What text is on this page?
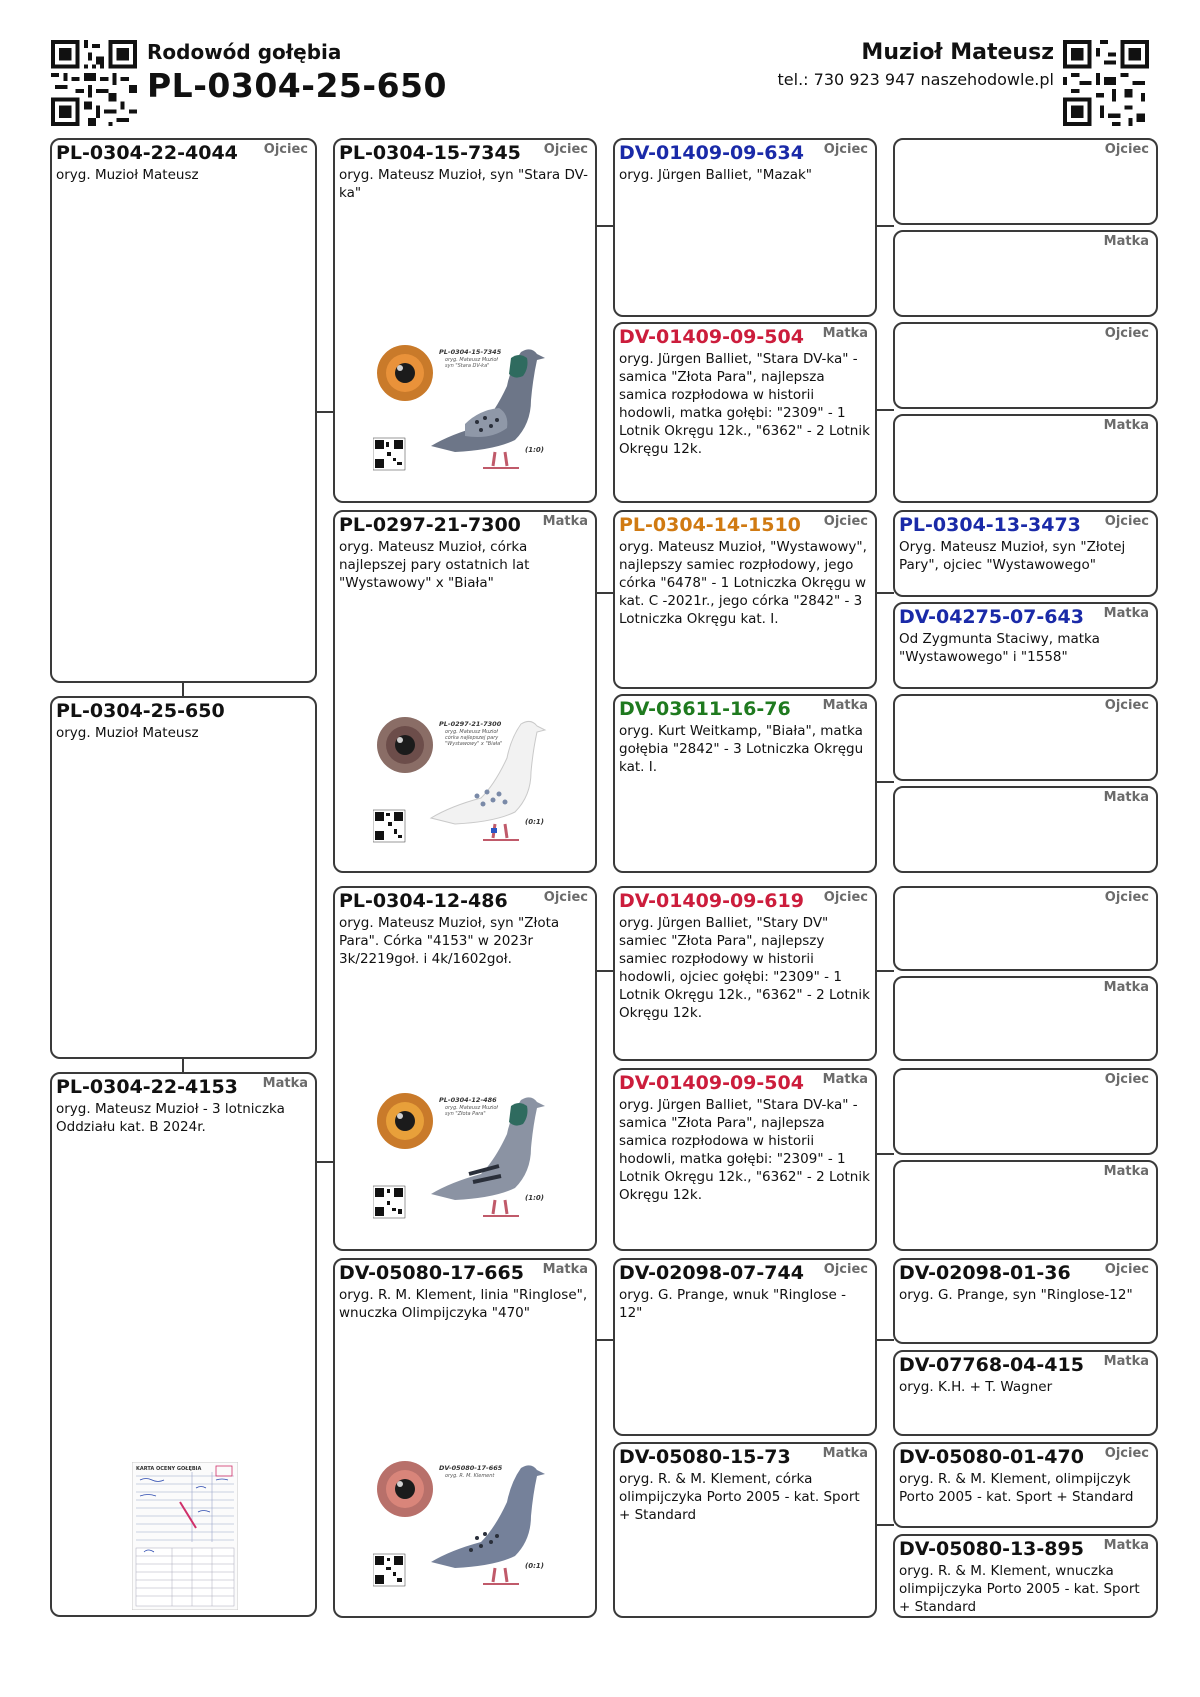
Rodowód gołębia
PL-0304-25-650
Muzioł Mateusz
tel.: 730 923 947 naszehodowle.pl
PL-0304-22-4044 Ojciec
oryg. Muzioł Mateusz
PL-0304-25-650
oryg. Muzioł Mateusz
PL-0304-22-4153 Matka
oryg. Mateusz Muzioł - 3 lotniczka Oddziału kat. B 2024r.
KARTA OCENY GOŁĘBIA
PL-0304-15-7345 Ojciec
oryg. Mateusz Muzioł, syn "Stara DV-ka"
PL-0304-15-7345
oryg. Mateusz Muzioł
syn "Stara DV-ka"
(1:0)
PL-0297-21-7300 Matka
oryg. Mateusz Muzioł, córka najlepszej pary ostatnich lat "Wystawowy" x "Biała"
PL-0297-21-7300
oryg. Mateusz Muzioł
córka najlepszej pary
"Wystawowy" x "Biała"
(0:1)
PL-0304-12-486	Ojciec
oryg. Mateusz Muzioł, syn "Złota Para". Córka "4153" w 2023r 3k/2219goł. i 4k/1602goł.
PL-0304-12-486
oryg. Mateusz Muzioł
syn "Złota Para"
(1:0)
DV-05080-17-665 Matka
oryg. R. M. Klement, linia "Ringlose", wnuczka Olimpijczyka "470"
DV-05080-17-665
oryg. R. M. Klement
(0:1)
DV-01409-09-634 Ojciec
oryg. Jürgen Balliet, "Mazak"
DV-01409-09-504 Matka
oryg. Jürgen Balliet, "Stara DV-ka" - samica "Złota Para", najlepsza samica rozpłodowa w historii hodowli, matka gołębi: "2309" - 1 Lotnik Okręgu 12k., "6362" - 2 Lotnik Okręgu 12k.
PL-0304-14-1510 Ojciec
oryg. Mateusz Muzioł, "Wystawowy", najlepszy samiec rozpłodowy, jego córka "6478" - 1 Lotniczka Okręgu w kat. C -2021r., jego córka "2842" - 3 Lotniczka Okręgu kat. I.
DV-03611-16-76 Matka
oryg. Kurt Weitkamp, "Biała", matka gołębia "2842" - 3 Lotniczka Okręgu kat. I.
DV-01409-09-619 Ojciec
oryg. Jürgen Balliet, "Stary DV" samiec "Złota Para", najlepszy samiec rozpłodowy w historii hodowli, ojciec gołębi: "2309" - 1 Lotnik Okręgu 12k., "6362" - 2 Lotnik Okręgu 12k.
DV-01409-09-504 Matka
oryg. Jürgen Balliet, "Stara DV-ka" - samica "Złota Para", najlepsza samica rozpłodowa w historii hodowli, matka gołębi: "2309" - 1 Lotnik Okręgu 12k., "6362" - 2 Lotnik Okręgu 12k.
DV-02098-07-744 Ojciec
oryg. G. Prange, wnuk "Ringlose - 12"
DV-05080-15-73 Matka
oryg. R. & M. Klement, córka olimpijczyka Porto 2005 - kat. Sport + Standard
Ojciec
Matka
Ojciec
Matka
PL-0304-13-3473 Ojciec
Oryg. Mateusz Muzioł, syn "Złotej Pary", ojciec "Wystawowego"
DV-04275-07-643 Matka
Od Zygmunta Staciwy, matka "Wystawowego" i "1558"
Ojciec
Matka
Ojciec
Matka
Ojciec
Matka
DV-02098-01-36	Ojciec
oryg. G. Prange, syn "Ringlose-12"
DV-07768-04-415 Matka
oryg. K.H. + T. Wagner
DV-05080-01-470 Ojciec
oryg. R. & M. Klement, olimpijczyk Porto 2005 - kat. Sport + Standard
DV-05080-13-895 Matka
oryg. R. & M. Klement, wnuczka olimpijczyka Porto 2005 - kat. Sport + Standard
